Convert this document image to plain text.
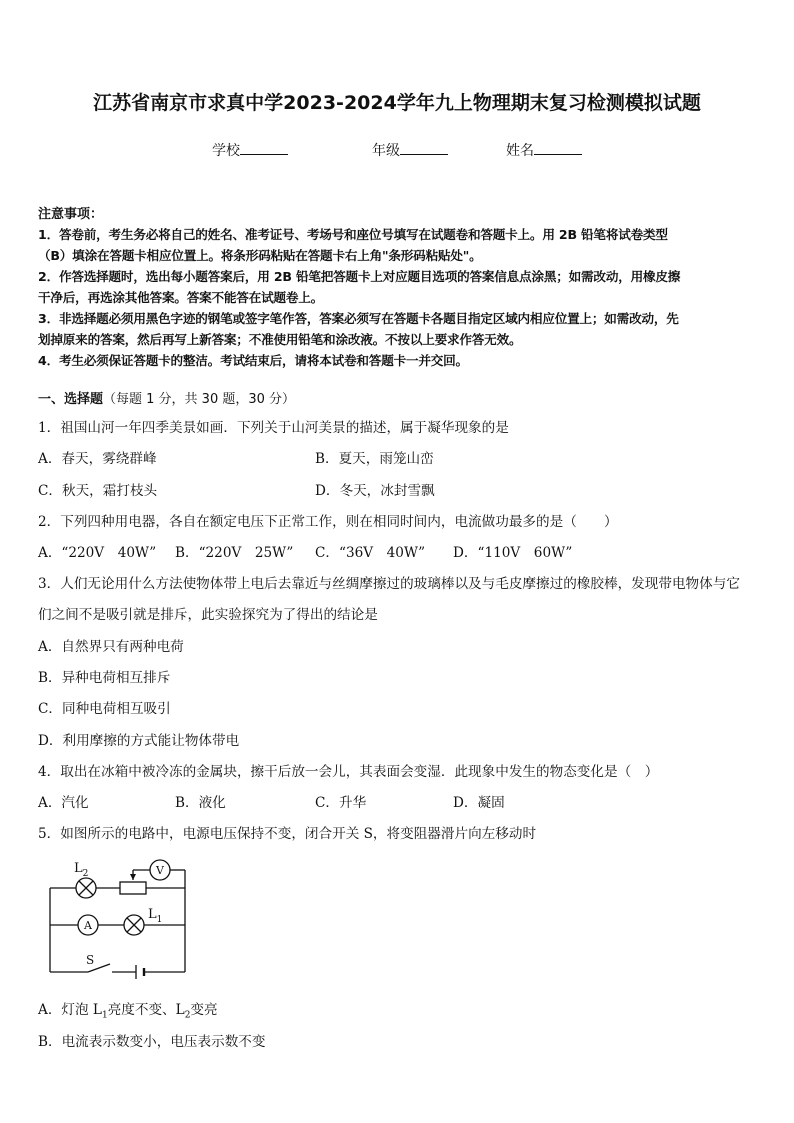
江苏省南京市求真中学2023-2024学年九上物理期末复习检测模拟试题
学校	年级	姓名
注意事项：
1．答卷前，考生务必将自己的姓名、准考证号、考场号和座位号填写在试题卷和答题卡上。用 2B 铅笔将试卷类型
（B）填涂在答题卡相应位置上。将条形码粘贴在答题卡右上角"条形码粘贴处"。
2．作答选择题时，选出每小题答案后，用 2B 铅笔把答题卡上对应题目选项的答案信息点涂黑；如需改动，用橡皮擦
干净后，再选涂其他答案。答案不能答在试题卷上。
3．非选择题必须用黑色字迹的钢笔或签字笔作答，答案必须写在答题卡各题目指定区域内相应位置上；如需改动，先
划掉原来的答案，然后再写上新答案；不准使用铅笔和涂改液。不按以上要求作答无效。
4．考生必须保证答题卡的整洁。考试结束后，请将本试卷和答题卡一并交回。
一、选择题（每题 1 分，共 30 题，30 分）
1．祖国山河一年四季美景如画．下列关于山河美景的描述，属于凝华现象的是
A．春天，雾绕群峰	B．夏天，雨笼山峦
C．秋天，霜打枝头	D．冬天，冰封雪飘
2．下列四种用电器，各自在额定电压下正常工作，则在相同时间内，电流做功最多的是（　　）
A．“220V　40W” B．“220V　25W” C．“36V　40W” D．“110V　60W”
3．人们无论用什么方法使物体带上电后去靠近与丝绸摩擦过的玻璃棒以及与毛皮摩擦过的橡胶棒，发现带电物体与它
们之间不是吸引就是排斥，此实验探究为了得出的结论是
A．自然界只有两种电荷
B．异种电荷相互排斥
C．同种电荷相互吸引
D．利用摩擦的方式能让物体带电
4．取出在冰箱中被冷冻的金属块，擦干后放一会儿，其表面会变湿．此现象中发生的物态变化是（　）
A．汽化	B．液化	C．升华	D．凝固
5．如图所示的电路中，电源电压保持不变，闭合开关 S，将变阻器滑片向左移动时
$L_2$	V
A
$L_1$
S
A．灯泡 $L_1$亮度不变、$L_2$变亮
B．电流表示数变小，电压表示数不变
